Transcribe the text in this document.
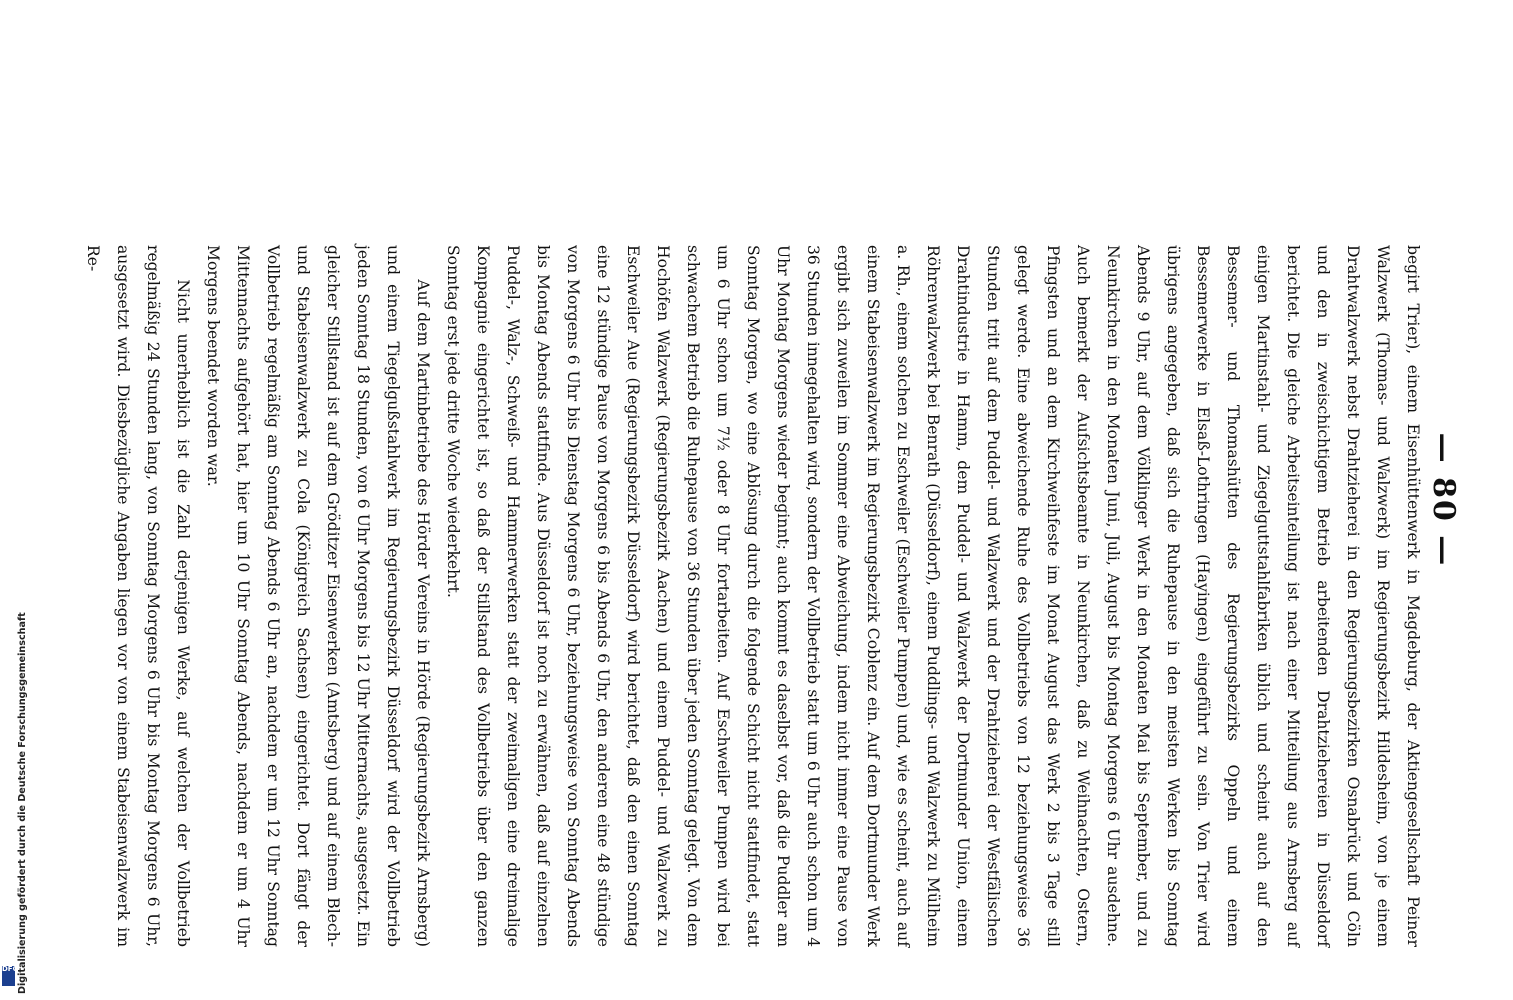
— 80 —

begirt Trier), einem Eisenhüttenwerk in Magdeburg, der Aktiengesellschaft Peiner Walzwerk (Thomas- und Walzwerk) im Regierungsbezirk Hildesheim, von je einem Drahtwalzwerk nebst Drahtzieherei in den Regierungsbezirken Osnabrück und Cöln und den in zweischichtigem Betrieb arbeitenden Drahtziehereien in Düsseldorf berichtet. Die gleiche Arbeitseinteilung ist nach einer Mitteilung aus Arnsberg auf einigen Martinstahl- und Ziegelguttstahlfabriken üblich und scheint auch auf den Bessemer- und Thomashütten des Regierungsbezirks Oppeln und einem Bessemerwerke in Elsaß-Lothringen (Hayingen) eingeführt zu sein. Von Trier wird übrigens angegeben, daß sich die Ruhepause in den meisten Werken bis Sonntag Abends 9 Uhr, auf dem Völklinger Werk in den Monaten Mai bis September, und zu Neunkirchen in den Monaten Juni, Juli, August bis Montag Morgens 6 Uhr ausdehne. Auch bemerkt der Aufsichtsbeamte in Neunkirchen, daß zu Weihnachten, Ostern, Pfingsten und an dem Kirchweihfeste im Monat August das Werk 2 bis 3 Tage still gelegt werde. Eine abweichende Ruhe des Vollbetriebs von 12 beziehungsweise 36 Stunden tritt auf dem Puddel- und Walzwerk und der Drahtzieherei der Westfälischen Drahtindustrie in Hamm, dem Puddel- und Walzwerk der Dortmunder Union, einem Röhrenwalzwerk bei Benrath (Düsseldorf), einem Puddlings- und Walzwerk zu Mülheim a. Rh., einem solchen zu Eschweiler (Eschweiler Pumpen) und, wie es scheint, auch auf einem Stabeisenwalzwerk im Regierungsbezirk Coblenz ein. Auf dem Dortmunder Werk ergibt sich zuweilen im Sommer eine Abweichung, indem nicht immer eine Pause von 36 Stunden innegehalten wird, sondern der Vollbetrieb statt um 6 Uhr auch schon um 4 Uhr Montag Morgens wieder beginnt; auch kommt es daselbst vor, daß die Puddler am Sonntag Morgen, wo eine Ablösung durch die folgende Schicht nicht stattfindet, statt um 6 Uhr schon um 7½ oder 8 Uhr fortarbeiten. Auf Eschweiler Pumpen wird bei schwachem Betrieb die Ruhepause von 36 Stunden über jeden Sonntag gelegt. Von dem Hochöfen Walzwerk (Regierungsbezirk Aachen) und einem Puddel- und Walzwerk zu Eschweiler Aue (Regierungsbezirk Düsseldorf) wird berichtet, daß den einen Sonntag eine 12 stündige Pause von Morgens 6 bis Abends 6 Uhr, den anderen eine 48 stündige von Morgens 6 Uhr bis Dienstag Morgens 6 Uhr, beziehungsweise von Sonntag Abends bis Montag Abends stattfinde. Aus Düsseldorf ist noch zu erwähnen, daß auf einzelnen Puddel-, Walz-, Schweiß- und Hammerwerken statt der zweimaligen eine dreimalige Kompagnie eingerichtet ist, so daß der Stillstand des Vollbetriebs über den ganzen Sonntag erst jede dritte Woche wiederkehrt.

Auf dem Martinbetriebe des Hörder Vereins in Hörde (Regierungsbezirk Arnsberg) und einem Tiegelgußstahlwerk im Regierungsbezirk Düsseldorf wird der Vollbetrieb jeden Sonntag 18 Stunden, von 6 Uhr Morgens bis 12 Uhr Mitternachts, ausgesetzt. Ein gleicher Stillstand ist auf dem Gröditzer Eisenwerken (Amtsberg) und auf einem Blech- und Stabeisenwalzwerk zu Cola (Königreich Sachsen) eingerichtet. Dort fängt der Vollbetrieb regelmäßig am Sonntag Abends 6 Uhr an, nachdem er um 12 Uhr Sonntag Mittennachts aufgehört hat, hier um 10 Uhr Sonntag Abends, nachdem er um 4 Uhr Morgens beendet worden war.

Nicht unerheblich ist die Zahl derjenigen Werke, auf welchen der Vollbetrieb regelmäßig 24 Stunden lang, von Sonntag Morgens 6 Uhr bis Montag Morgens 6 Uhr, ausgesetzt wird. Diesbezügliche Angaben liegen vor von einem Stabeisenwalzwerk im Re-

Digitalisierung gefördert durch die Deutsche Forschungsgemeinschaft
DFG
